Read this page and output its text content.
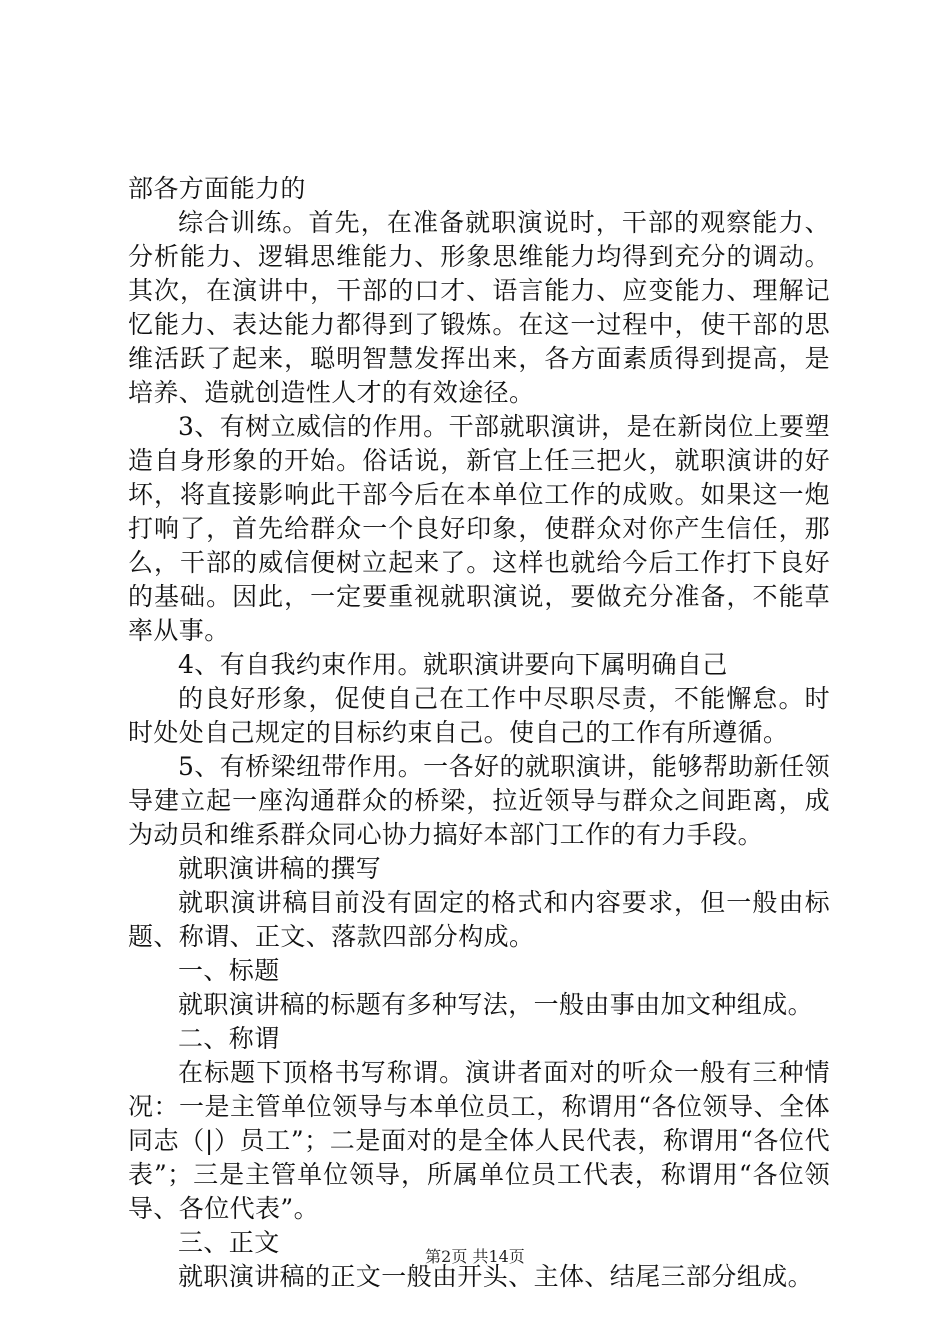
部各方面能力的

综合训练。首先，在准备就职演说时，干部的观察能力、分析能力、逻辑思维能力、形象思维能力均得到充分的调动。其次，在演讲中，干部的口才、语言能力、应变能力、理解记忆能力、表达能力都得到了锻炼。在这一过程中，使干部的思维活跃了起来，聪明智慧发挥出来，各方面素质得到提高，是培养、造就创造性人才的有效途径。

3、有树立威信的作用。干部就职演讲，是在新岗位上要塑造自身形象的开始。俗话说，新官上任三把火，就职演讲的好坏，将直接影响此干部今后在本单位工作的成败。如果这一炮打响了，首先给群众一个良好印象，使群众对你产生信任，那么，干部的威信便树立起来了。这样也就给今后工作打下良好的基础。因此，一定要重视就职演说，要做充分准备，不能草率从事。

4、有自我约束作用。就职演讲要向下属明确自己

的良好形象，促使自己在工作中尽职尽责，不能懈怠。时时处处自己规定的目标约束自己。使自己的工作有所遵循。

5、有桥梁纽带作用。一各好的就职演讲，能够帮助新任领导建立起一座沟通群众的桥梁，拉近领导与群众之间距离，成为动员和维系群众同心协力搞好本部门工作的有力手段。

就职演讲稿的撰写

就职演讲稿目前没有固定的格式和内容要求，但一般由标题、称谓、正文、落款四部分构成。

一、标题

就职演讲稿的标题有多种写法，一般由事由加文种组成。

二、称谓

在标题下顶格书写称谓。演讲者面对的听众一般有三种情况：一是主管单位领导与本单位员工，称谓用“各位领导、全体同志（|）员工”；二是面对的是全体人民代表，称谓用“各位代表”；三是主管单位领导，所属单位员工代表，称谓用“各位领导、各位代表”。

三、正文

就职演讲稿的正文一般由开头、主体、结尾三部分组成。

第2页 共14页
